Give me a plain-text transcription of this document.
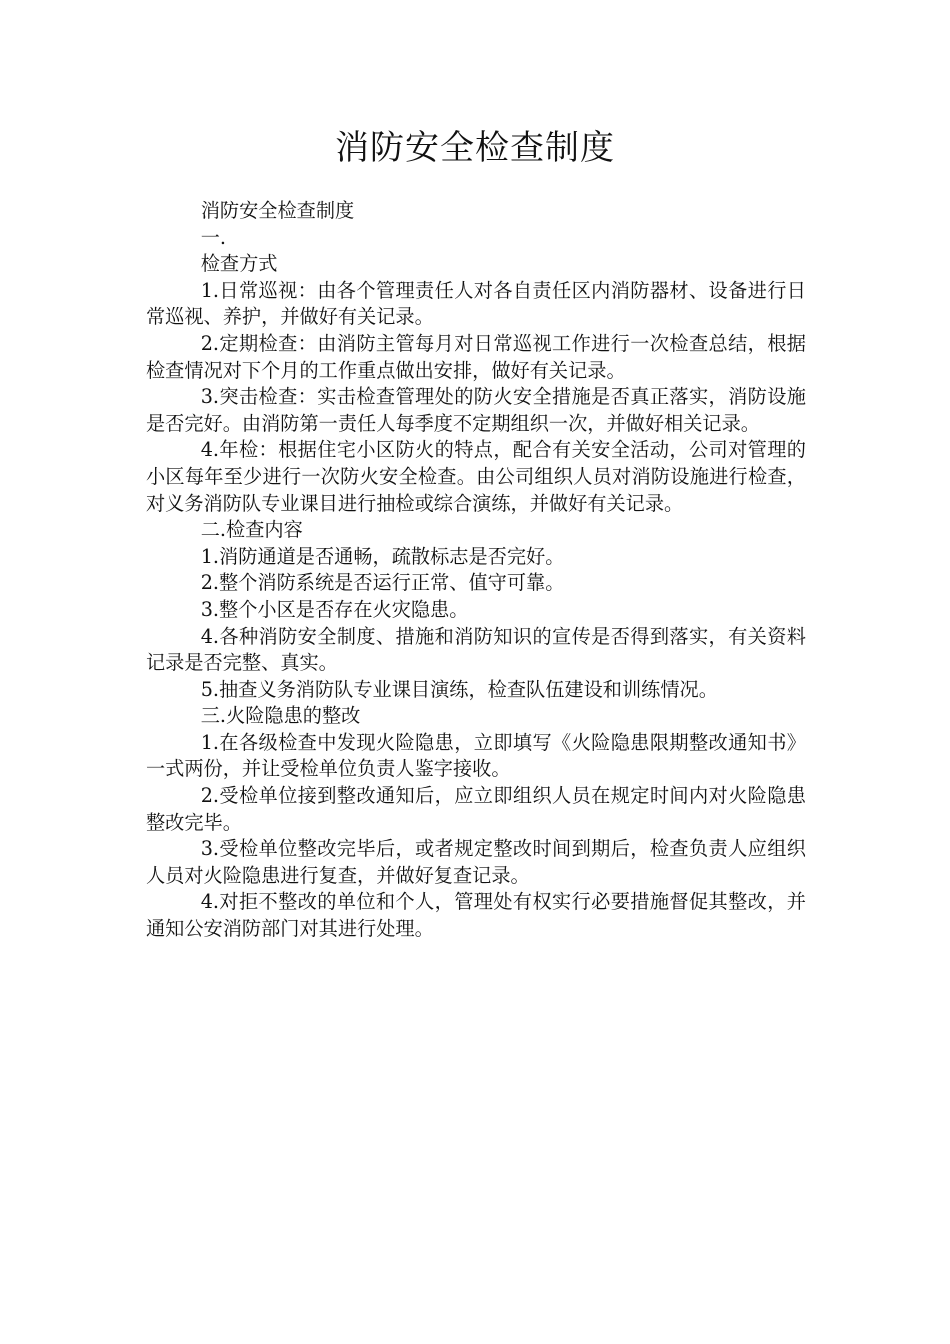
消防安全检查制度

消防安全检查制度

一.

检查方式

1.日常巡视：由各个管理责任人对各自责任区内消防器材、设备进行日常巡视、养护，并做好有关记录。

2.定期检查：由消防主管每月对日常巡视工作进行一次检查总结，根据检查情况对下个月的工作重点做出安排，做好有关记录。

3.突击检查：实击检查管理处的防火安全措施是否真正落实，消防设施是否完好。由消防第一责任人每季度不定期组织一次，并做好相关记录。

4.年检：根据住宅小区防火的特点，配合有关安全活动，公司对管理的小区每年至少进行一次防火安全检查。由公司组织人员对消防设施进行检查，对义务消防队专业课目进行抽检或综合演练，并做好有关记录。

二.检查内容

1.消防通道是否通畅，疏散标志是否完好。

2.整个消防系统是否运行正常、值守可靠。

3.整个小区是否存在火灾隐患。

4.各种消防安全制度、措施和消防知识的宣传是否得到落实，有关资料记录是否完整、真实。

5.抽查义务消防队专业课目演练，检查队伍建设和训练情况。

三.火险隐患的整改

1.在各级检查中发现火险隐患，立即填写《火险隐患限期整改通知书》一式两份，并让受检单位负责人鉴字接收。

2.受检单位接到整改通知后，应立即组织人员在规定时间内对火险隐患整改完毕。

3.受检单位整改完毕后，或者规定整改时间到期后，检查负责人应组织人员对火险隐患进行复查，并做好复查记录。

4.对拒不整改的单位和个人，管理处有权实行必要措施督促其整改，并通知公安消防部门对其进行处理。
